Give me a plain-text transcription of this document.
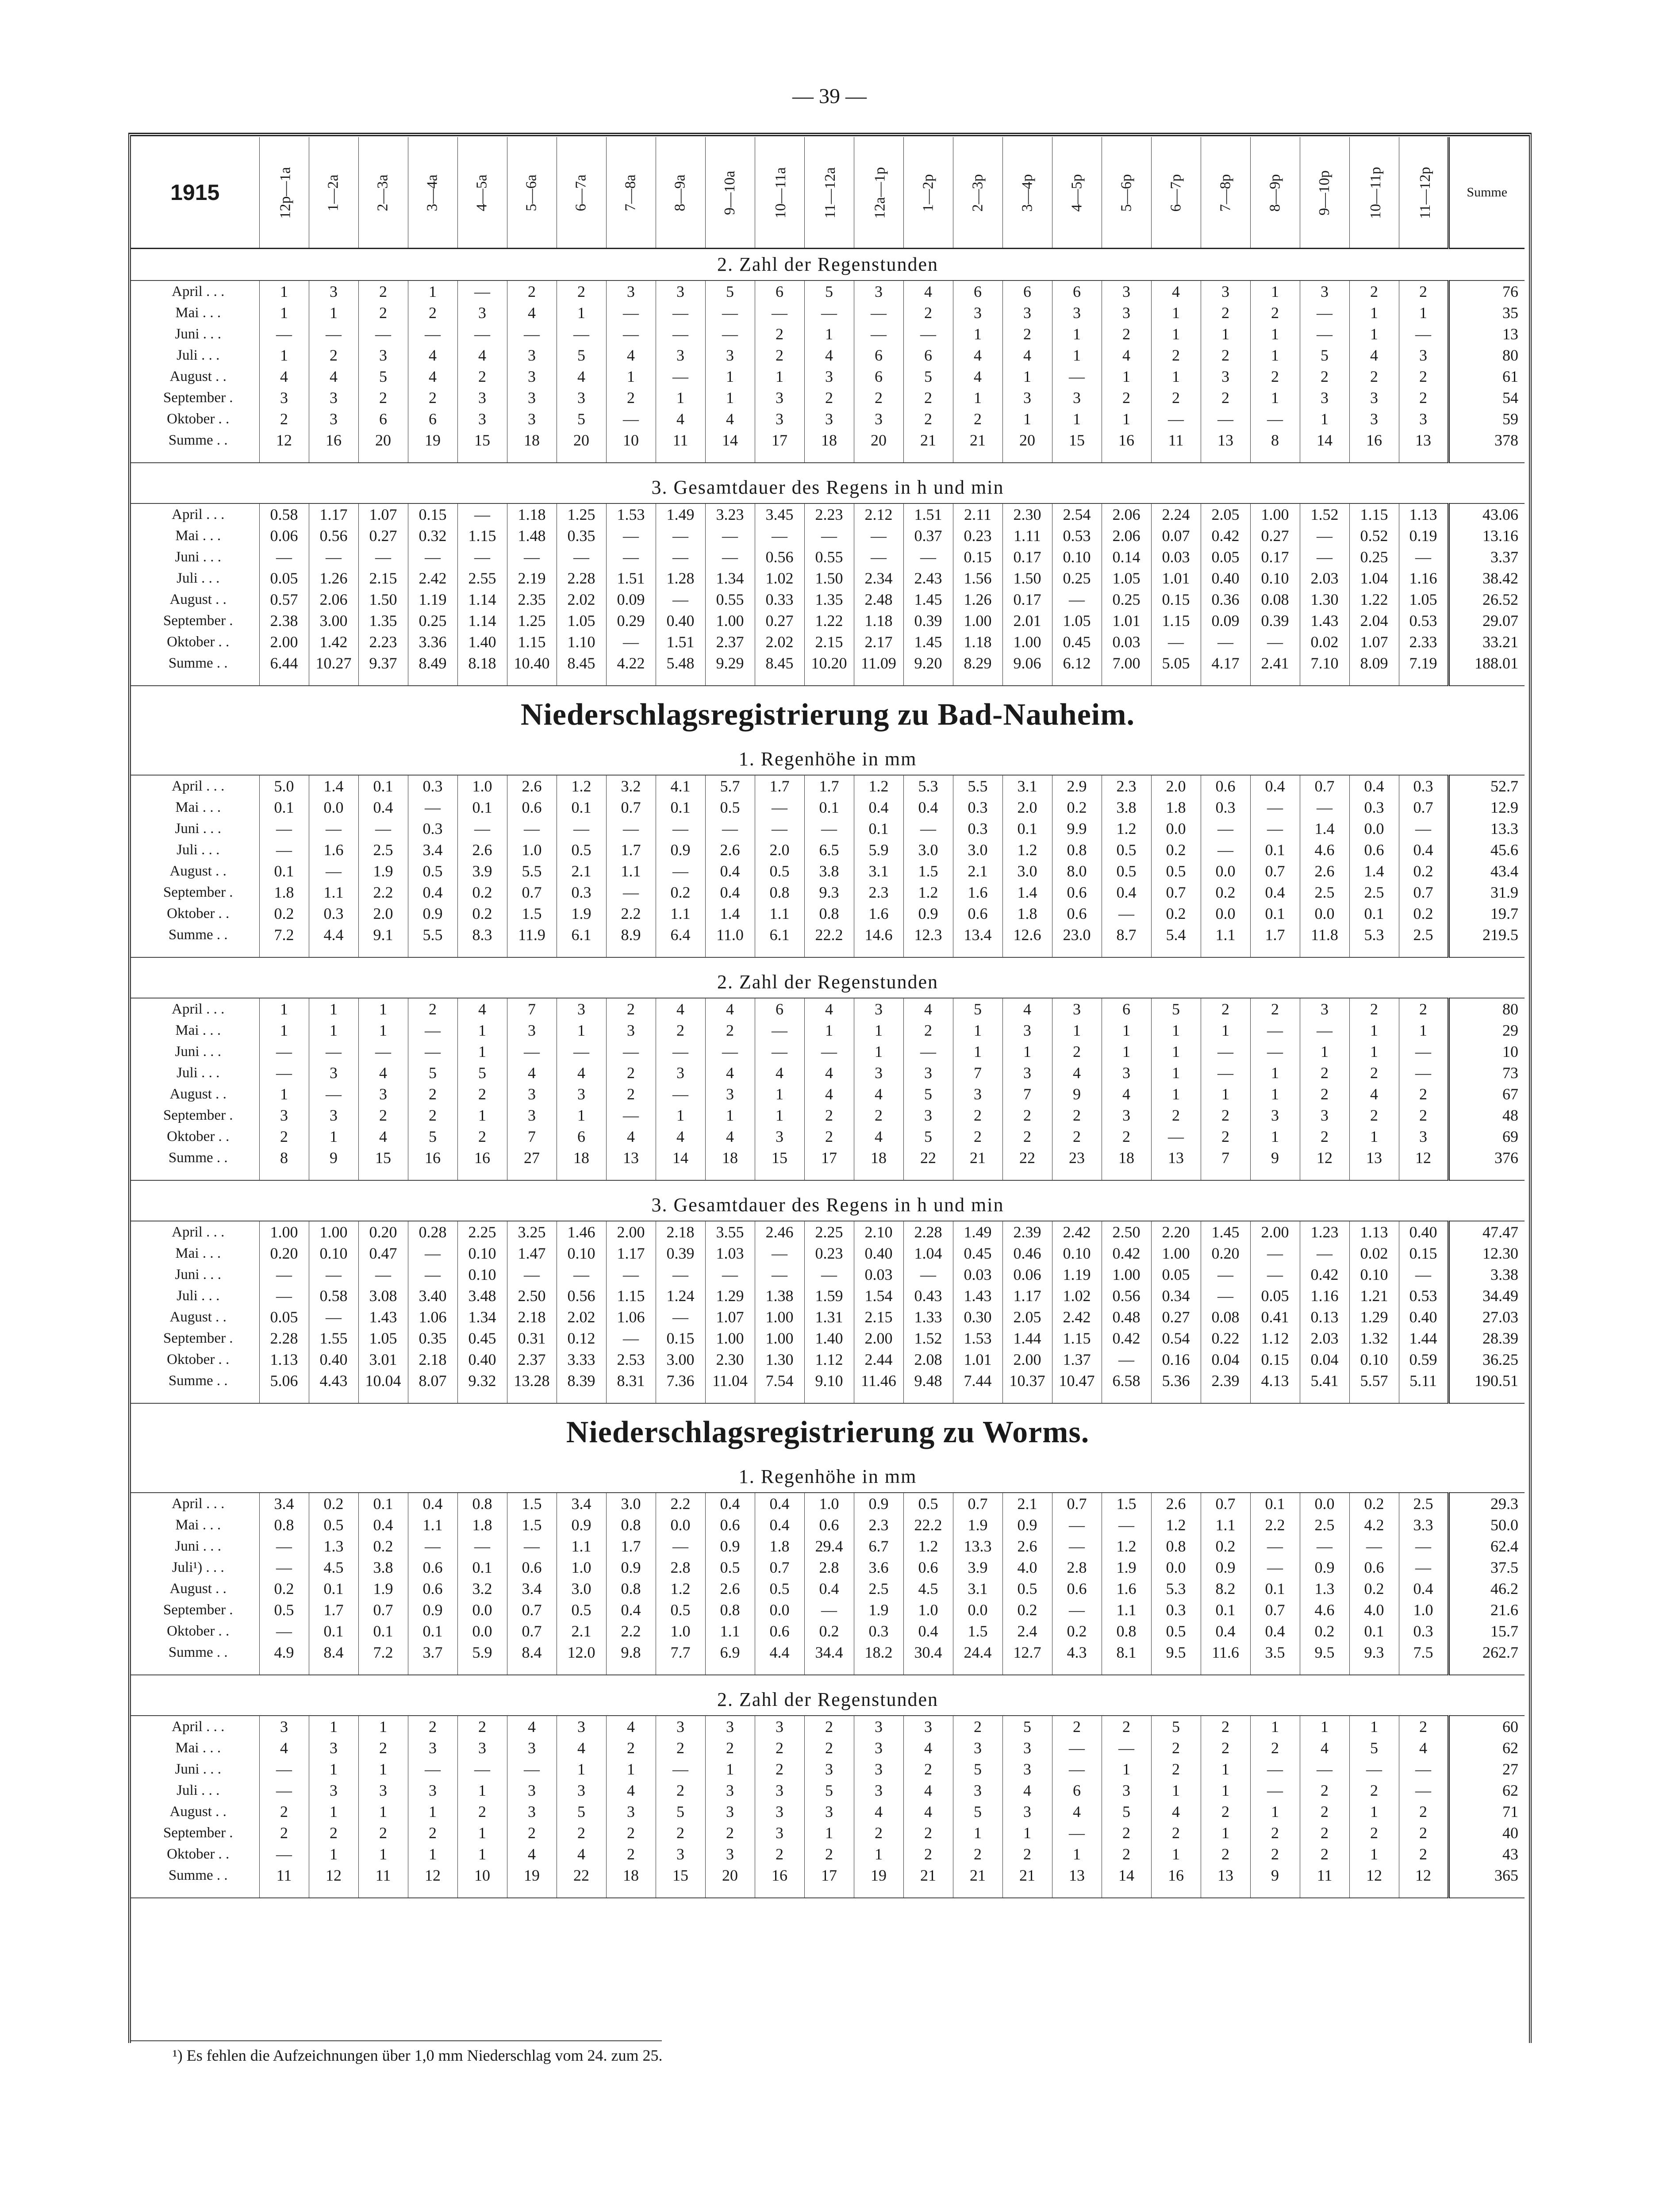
— 39 —
1915	12p—1a	1—2a	2—3a	3—4a	4—5a	5—6a	6—7a	7—8a	8—9a	9—10a	10—11a	11—12a	12a—1p	1—2p	2—3p	3—4p	4—5p	5—6p	6—7p	7—8p	8—9p	9—10p	10—11p	11—12p	Summe
2. Zahl der Regenstunden																									
April . . .	1	3	2	1	—	2	2	3	3	5	6	5	3	4	6	6	6	3	4	3	1	3	2	2	76
Mai . . .	1	1	2	2	3	4	1	—	—	—	—	—	—	2	3	3	3	3	1	2	2	—	1	1	35
Juni . . .	—	—	—	—	—	—	—	—	—	—	2	1	—	—	1	2	1	2	1	1	1	—	1	—	13
Juli . . .	1	2	3	4	4	3	5	4	3	3	2	4	6	6	4	4	1	4	2	2	1	5	4	3	80
August . .	4	4	5	4	2	3	4	1	—	1	1	3	6	5	4	1	—	1	1	3	2	2	2	2	61
September .	3	3	2	2	3	3	3	2	1	1	3	2	2	2	1	3	3	2	2	2	1	3	3	2	54
Oktober . .	2	3	6	6	3	3	5	—	4	4	3	3	3	2	2	1	1	1	—	—	—	1	3	3	59
Summe . .	12	16	20	19	15	18	20	10	11	14	17	18	20	21	21	20	15	16	11	13	8	14	16	13	378

3. Gesamtdauer des Regens in h und min																									
April . . .	0.58	1.17	1.07	0.15	—	1.18	1.25	1.53	1.49	3.23	3.45	2.23	2.12	1.51	2.11	2.30	2.54	2.06	2.24	2.05	1.00	1.52	1.15	1.13	43.06
Mai . . .	0.06	0.56	0.27	0.32	1.15	1.48	0.35	—	—	—	—	—	—	0.37	0.23	1.11	0.53	2.06	0.07	0.42	0.27	—	0.52	0.19	13.16
Juni . . .	—	—	—	—	—	—	—	—	—	—	0.56	0.55	—	—	0.15	0.17	0.10	0.14	0.03	0.05	0.17	—	0.25	—	3.37
Juli . . .	0.05	1.26	2.15	2.42	2.55	2.19	2.28	1.51	1.28	1.34	1.02	1.50	2.34	2.43	1.56	1.50	0.25	1.05	1.01	0.40	0.10	2.03	1.04	1.16	38.42
August . .	0.57	2.06	1.50	1.19	1.14	2.35	2.02	0.09	—	0.55	0.33	1.35	2.48	1.45	1.26	0.17	—	0.25	0.15	0.36	0.08	1.30	1.22	1.05	26.52
September .	2.38	3.00	1.35	0.25	1.14	1.25	1.05	0.29	0.40	1.00	0.27	1.22	1.18	0.39	1.00	2.01	1.05	1.01	1.15	0.09	0.39	1.43	2.04	0.53	29.07
Oktober . .	2.00	1.42	2.23	3.36	1.40	1.15	1.10	—	1.51	2.37	2.02	2.15	2.17	1.45	1.18	1.00	0.45	0.03	—	—	—	0.02	1.07	2.33	33.21
Summe . .	6.44	10.27	9.37	8.49	8.18	10.40	8.45	4.22	5.48	9.29	8.45	10.20	11.09	9.20	8.29	9.06	6.12	7.00	5.05	4.17	2.41	7.10	8.09	7.19	188.01

Niederschlagsregistrierung zu Bad-Nauheim.																									
1. Regenhöhe in mm																									
April . . .	5.0	1.4	0.1	0.3	1.0	2.6	1.2	3.2	4.1	5.7	1.7	1.7	1.2	5.3	5.5	3.1	2.9	2.3	2.0	0.6	0.4	0.7	0.4	0.3	52.7
Mai . . .	0.1	0.0	0.4	—	0.1	0.6	0.1	0.7	0.1	0.5	—	0.1	0.4	0.4	0.3	2.0	0.2	3.8	1.8	0.3	—	—	0.3	0.7	12.9
Juni . . .	—	—	—	0.3	—	—	—	—	—	—	—	—	0.1	—	0.3	0.1	9.9	1.2	0.0	—	—	1.4	0.0	—	13.3
Juli . . .	—	1.6	2.5	3.4	2.6	1.0	0.5	1.7	0.9	2.6	2.0	6.5	5.9	3.0	3.0	1.2	0.8	0.5	0.2	—	0.1	4.6	0.6	0.4	45.6
August . .	0.1	—	1.9	0.5	3.9	5.5	2.1	1.1	—	0.4	0.5	3.8	3.1	1.5	2.1	3.0	8.0	0.5	0.5	0.0	0.7	2.6	1.4	0.2	43.4
September .	1.8	1.1	2.2	0.4	0.2	0.7	0.3	—	0.2	0.4	0.8	9.3	2.3	1.2	1.6	1.4	0.6	0.4	0.7	0.2	0.4	2.5	2.5	0.7	31.9
Oktober . .	0.2	0.3	2.0	0.9	0.2	1.5	1.9	2.2	1.1	1.4	1.1	0.8	1.6	0.9	0.6	1.8	0.6	—	0.2	0.0	0.1	0.0	0.1	0.2	19.7
Summe . .	7.2	4.4	9.1	5.5	8.3	11.9	6.1	8.9	6.4	11.0	6.1	22.2	14.6	12.3	13.4	12.6	23.0	8.7	5.4	1.1	1.7	11.8	5.3	2.5	219.5

2. Zahl der Regenstunden																									
April . . .	1	1	1	2	4	7	3	2	4	4	6	4	3	4	5	4	3	6	5	2	2	3	2	2	80
Mai . . .	1	1	1	—	1	3	1	3	2	2	—	1	1	2	1	3	1	1	1	1	—	—	1	1	29
Juni . . .	—	—	—	—	1	—	—	—	—	—	—	—	1	—	1	1	2	1	1	—	—	1	1	—	10
Juli . . .	—	3	4	5	5	4	4	2	3	4	4	4	3	3	7	3	4	3	1	—	1	2	2	—	73
August . .	1	—	3	2	2	3	3	2	—	3	1	4	4	5	3	7	9	4	1	1	1	2	4	2	67
September .	3	3	2	2	1	3	1	—	1	1	1	2	2	3	2	2	2	3	2	2	3	3	2	2	48
Oktober . .	2	1	4	5	2	7	6	4	4	4	3	2	4	5	2	2	2	2	—	2	1	2	1	3	69
Summe . .	8	9	15	16	16	27	18	13	14	18	15	17	18	22	21	22	23	18	13	7	9	12	13	12	376

3. Gesamtdauer des Regens in h und min																									
April . . .	1.00	1.00	0.20	0.28	2.25	3.25	1.46	2.00	2.18	3.55	2.46	2.25	2.10	2.28	1.49	2.39	2.42	2.50	2.20	1.45	2.00	1.23	1.13	0.40	47.47
Mai . . .	0.20	0.10	0.47	—	0.10	1.47	0.10	1.17	0.39	1.03	—	0.23	0.40	1.04	0.45	0.46	0.10	0.42	1.00	0.20	—	—	0.02	0.15	12.30
Juni . . .	—	—	—	—	0.10	—	—	—	—	—	—	—	0.03	—	0.03	0.06	1.19	1.00	0.05	—	—	0.42	0.10	—	3.38
Juli . . .	—	0.58	3.08	3.40	3.48	2.50	0.56	1.15	1.24	1.29	1.38	1.59	1.54	0.43	1.43	1.17	1.02	0.56	0.34	—	0.05	1.16	1.21	0.53	34.49
August . .	0.05	—	1.43	1.06	1.34	2.18	2.02	1.06	—	1.07	1.00	1.31	2.15	1.33	0.30	2.05	2.42	0.48	0.27	0.08	0.41	0.13	1.29	0.40	27.03
September .	2.28	1.55	1.05	0.35	0.45	0.31	0.12	—	0.15	1.00	1.00	1.40	2.00	1.52	1.53	1.44	1.15	0.42	0.54	0.22	1.12	2.03	1.32	1.44	28.39
Oktober . .	1.13	0.40	3.01	2.18	0.40	2.37	3.33	2.53	3.00	2.30	1.30	1.12	2.44	2.08	1.01	2.00	1.37	—	0.16	0.04	0.15	0.04	0.10	0.59	36.25
Summe . .	5.06	4.43	10.04	8.07	9.32	13.28	8.39	8.31	7.36	11.04	7.54	9.10	11.46	9.48	7.44	10.37	10.47	6.58	5.36	2.39	4.13	5.41	5.57	5.11	190.51

Niederschlagsregistrierung zu Worms.																									
1. Regenhöhe in mm																									
April . . .	3.4	0.2	0.1	0.4	0.8	1.5	3.4	3.0	2.2	0.4	0.4	1.0	0.9	0.5	0.7	2.1	0.7	1.5	2.6	0.7	0.1	0.0	0.2	2.5	29.3
Mai . . .	0.8	0.5	0.4	1.1	1.8	1.5	0.9	0.8	0.0	0.6	0.4	0.6	2.3	22.2	1.9	0.9	—	—	1.2	1.1	2.2	2.5	4.2	3.3	50.0
Juni . . .	—	1.3	0.2	—	—	—	1.1	1.7	—	0.9	1.8	29.4	6.7	1.2	13.3	2.6	—	1.2	0.8	0.2	—	—	—	—	62.4
Juli¹) . . .	—	4.5	3.8	0.6	0.1	0.6	1.0	0.9	2.8	0.5	0.7	2.8	3.6	0.6	3.9	4.0	2.8	1.9	0.0	0.9	—	0.9	0.6	—	37.5
August . .	0.2	0.1	1.9	0.6	3.2	3.4	3.0	0.8	1.2	2.6	0.5	0.4	2.5	4.5	3.1	0.5	0.6	1.6	5.3	8.2	0.1	1.3	0.2	0.4	46.2
September .	0.5	1.7	0.7	0.9	0.0	0.7	0.5	0.4	0.5	0.8	0.0	—	1.9	1.0	0.0	0.2	—	1.1	0.3	0.1	0.7	4.6	4.0	1.0	21.6
Oktober . .	—	0.1	0.1	0.1	0.0	0.7	2.1	2.2	1.0	1.1	0.6	0.2	0.3	0.4	1.5	2.4	0.2	0.8	0.5	0.4	0.4	0.2	0.1	0.3	15.7
Summe . .	4.9	8.4	7.2	3.7	5.9	8.4	12.0	9.8	7.7	6.9	4.4	34.4	18.2	30.4	24.4	12.7	4.3	8.1	9.5	11.6	3.5	9.5	9.3	7.5	262.7

2. Zahl der Regenstunden																									
April . . .	3	1	1	2	2	4	3	4	3	3	3	2	3	3	2	5	2	2	5	2	1	1	1	2	60
Mai . . .	4	3	2	3	3	3	4	2	2	2	2	2	3	4	3	3	—	—	2	2	2	4	5	4	62
Juni . . .	—	1	1	—	—	—	1	1	—	1	2	3	3	2	5	3	—	1	2	1	—	—	—	—	27
Juli . . .	—	3	3	3	1	3	3	4	2	3	3	5	3	4	3	4	6	3	1	1	—	2	2	—	62
August . .	2	1	1	1	2	3	5	3	5	3	3	3	4	4	5	3	4	5	4	2	1	2	1	2	71
September .	2	2	2	2	1	2	2	2	2	2	3	1	2	2	1	1	—	2	2	1	2	2	2	2	40
Oktober . .	—	1	1	1	1	4	4	2	3	3	2	2	1	2	2	2	1	2	1	2	2	2	1	2	43
Summe . .	11	12	11	12	10	19	22	18	15	20	16	17	19	21	21	21	13	14	16	13	9	11	12	12	365

¹) Es fehlen die Aufzeichnungen über 1,0 mm Niederschlag vom 24. zum 25.
